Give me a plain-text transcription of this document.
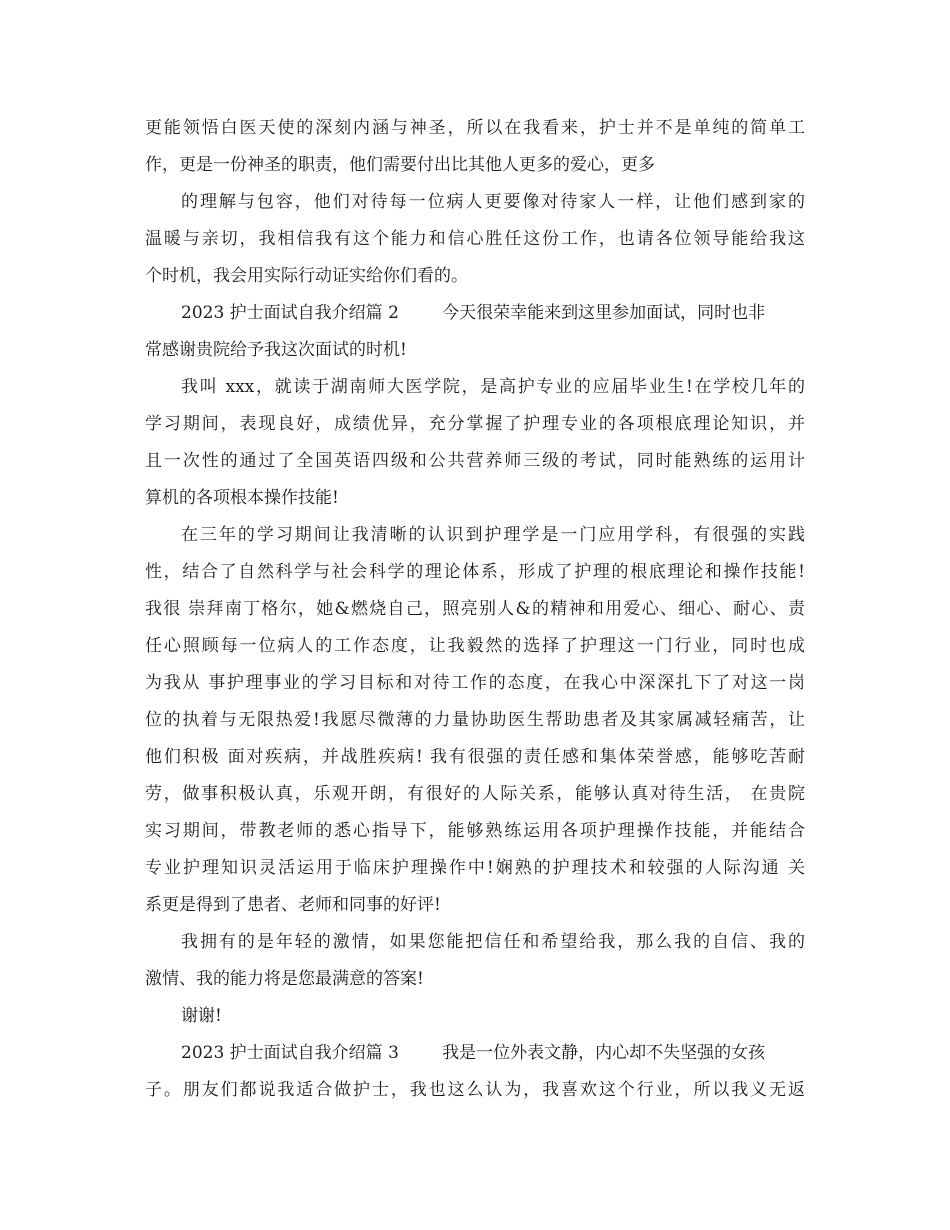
更能领悟白医天使的深刻内涵与神圣，所以在我看来，护士并不是单纯的简单工
作，更是一份神圣的职责，他们需要付出比其他人更多的爱心，更多
的理解与包容，他们对待每一位病人更要像对待家人一样，让他们感到家的
温暖与亲切，我相信我有这个能力和信心胜任这份工作，也请各位领导能给我这
个时机，我会用实际行动证实给你们看的。
2023 护士面试自我介绍篇 2        今天很荣幸能来到这里参加面试，同时也非
常感谢贵院给予我这次面试的时机!
我叫 xxx，就读于湖南师大医学院，是高护专业的应届毕业生!在学校几年的
学习期间，表现良好，成绩优异，充分掌握了护理专业的各项根底理论知识，并
且一次性的通过了全国英语四级和公共营养师三级的考试，同时能熟练的运用计
算机的各项根本操作技能!
在三年的学习期间让我清晰的认识到护理学是一门应用学科，有很强的实践
性，结合了自然科学与社会科学的理论体系，形成了护理的根底理论和操作技能!
我很 崇拜南丁格尔，她&燃烧自己，照亮别人&的精神和用爱心、细心、耐心、责
任心照顾每一位病人的工作态度，让我毅然的选择了护理这一门行业，同时也成
为我从 事护理事业的学习目标和对待工作的态度，在我心中深深扎下了对这一岗
位的执着与无限热爱!我愿尽微薄的力量协助医生帮助患者及其家属减轻痛苦，让
他们积极 面对疾病，并战胜疾病! 我有很强的责任感和集体荣誉感，能够吃苦耐
劳，做事积极认真，乐观开朗，有很好的人际关系，能够认真对待生活， 在贵院
实习期间，带教老师的悉心指导下，能够熟练运用各项护理操作技能，并能结合
专业护理知识灵活运用于临床护理操作中!娴熟的护理技术和较强的人际沟通 关
系更是得到了患者、老师和同事的好评!
我拥有的是年轻的激情，如果您能把信任和希望给我，那么我的自信、我的
激情、我的能力将是您最满意的答案!
谢谢!
2023 护士面试自我介绍篇 3        我是一位外表文静，内心却不失坚强的女孩
子。朋友们都说我适合做护士，我也这么认为，我喜欢这个行业，所以我义无返
